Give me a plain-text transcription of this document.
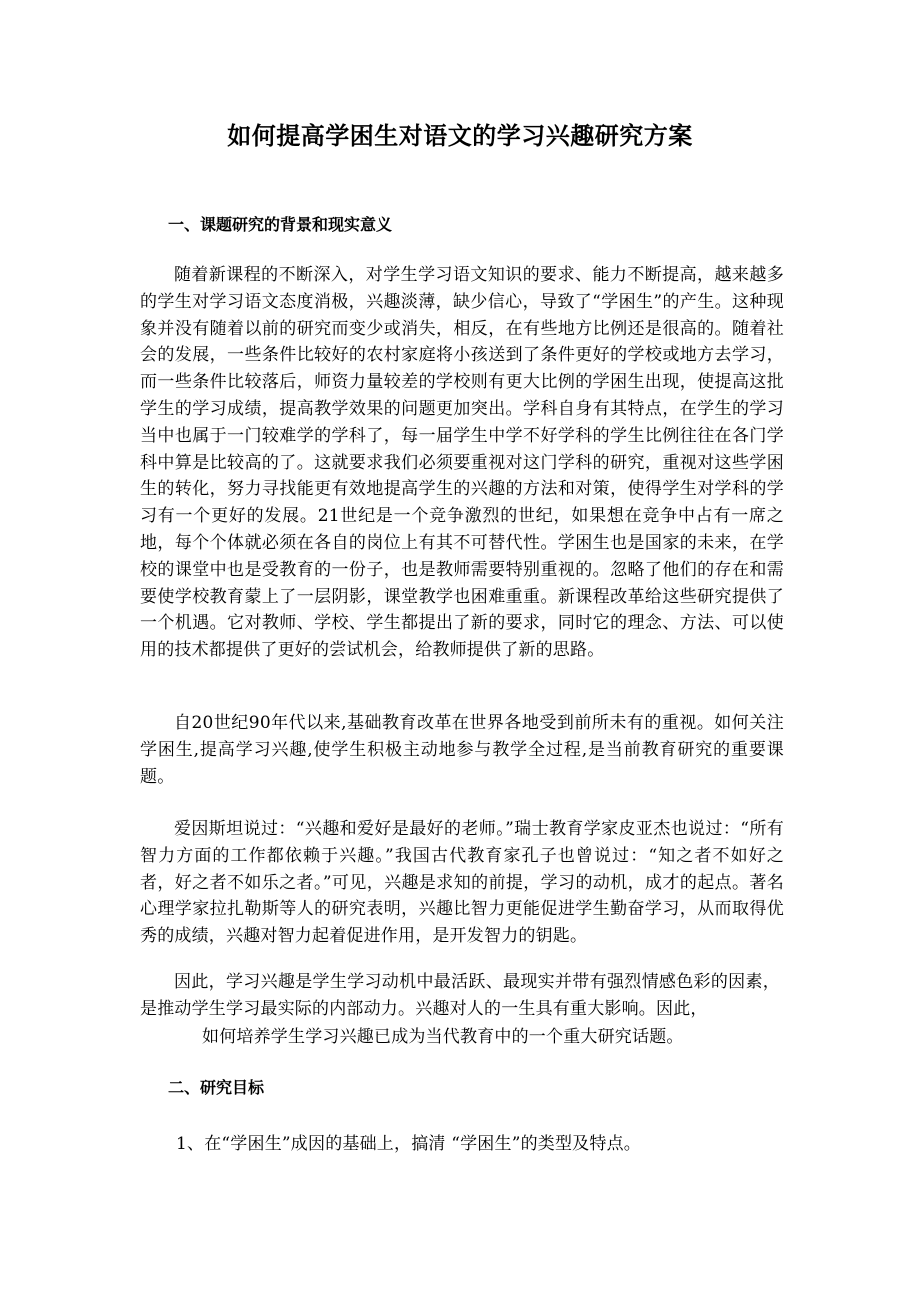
如何提高学困生对语文的学习兴趣研究方案
一、课题研究的背景和现实意义
随着新课程的不断深入，对学生学习语文知识的要求、能力不断提高，越来越多的学生对学习语文态度消极，兴趣淡薄，缺少信心，导致了“学困生”的产生。这种现象并没有随着以前的研究而变少或消失，相反，在有些地方比例还是很高的。随着社会的发展，一些条件比较好的农村家庭将小孩送到了条件更好的学校或地方去学习，而一些条件比较落后，师资力量较差的学校则有更大比例的学困生出现，使提高这批学生的学习成绩，提高教学效果的问题更加突出。学科自身有其特点，在学生的学习当中也属于一门较难学的学科了，每一届学生中学不好学科的学生比例往往在各门学科中算是比较高的了。这就要求我们必须要重视对这门学科的研究，重视对这些学困生的转化，努力寻找能更有效地提高学生的兴趣的方法和对策，使得学生对学科的学习有一个更好的发展。21世纪是一个竞争激烈的世纪，如果想在竞争中占有一席之地，每个个体就必须在各自的岗位上有其不可替代性。学困生也是国家的未来，在学校的课堂中也是受教育的一份子，也是教师需要特别重视的。忽略了他们的存在和需要使学校教育蒙上了一层阴影，课堂教学也困难重重。新课程改革给这些研究提供了一个机遇。它对教师、学校、学生都提出了新的要求，同时它的理念、方法、可以使用的技术都提供了更好的尝试机会，给教师提供了新的思路。
自20世纪90年代以来,基础教育改革在世界各地受到前所未有的重视。如何关注学困生,提高学习兴趣,使学生积极主动地参与教学全过程,是当前教育研究的重要课题。
爱因斯坦说过：“兴趣和爱好是最好的老师。”瑞士教育学家皮亚杰也说过：“所有智力方面的工作都依赖于兴趣。”我国古代教育家孔子也曾说过：“知之者不如好之者，好之者不如乐之者。”可见，兴趣是求知的前提，学习的动机，成才的起点。著名心理学家拉扎勒斯等人的研究表明，兴趣比智力更能促进学生勤奋学习，从而取得优秀的成绩，兴趣对智力起着促进作用，是开发智力的钥匙。
因此，学习兴趣是学生学习动机中最活跃、最现实并带有强烈情感色彩的因素，是推动学生学习最实际的内部动力。兴趣对人的一生具有重大影响。因此，
如何培养学生学习兴趣已成为当代教育中的一个重大研究话题。
二、研究目标
1、在“学困生”成因的基础上，搞清 “学困生”的类型及特点。
